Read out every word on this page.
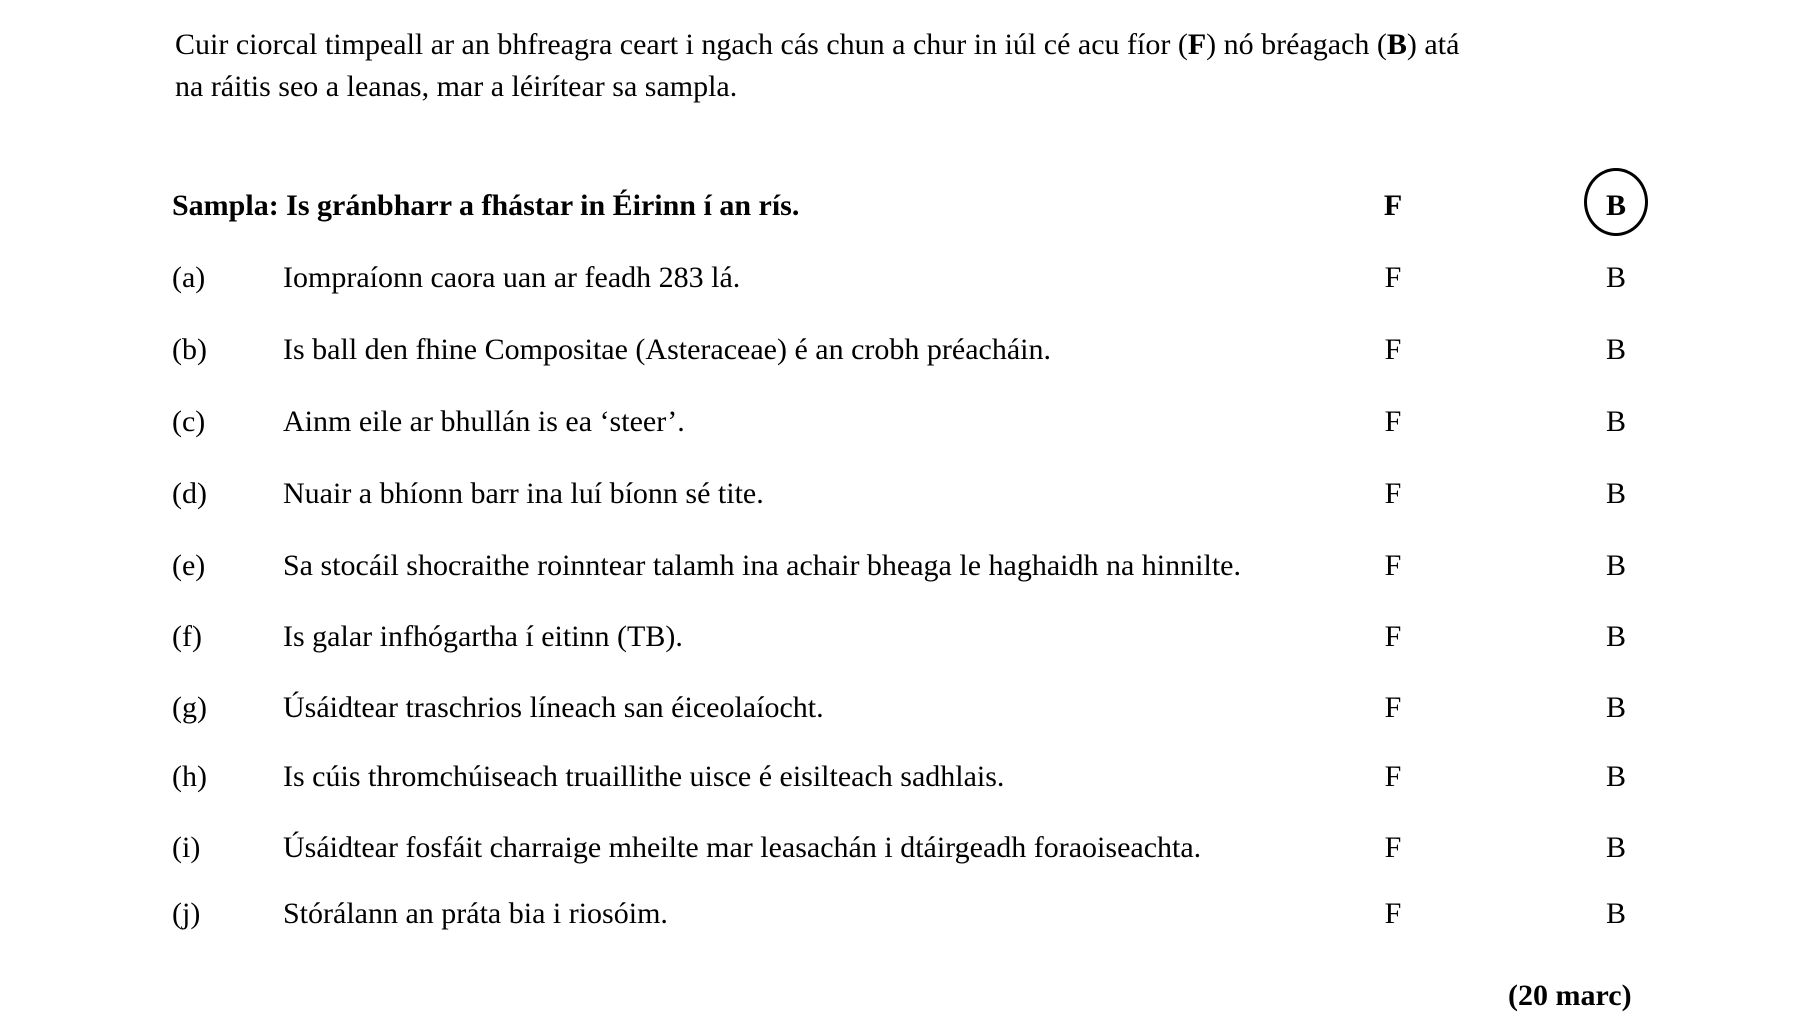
Cuir ciorcal timpeall ar an bhfreagra ceart i ngach cás chun a chur in iúl cé acu fíor (F) nó bréagach (B) atá
na ráitis seo a leanas, mar a léirítear sa sampla.
Sampla: Is gránbharr a fhástar in Éirinn í an rís.	F	B
(a)	Iompraíonn caora uan ar feadh 283 lá.	F	B
(b)	Is ball den fhine Compositae (Asteraceae) é an crobh préacháin.	F	B
(c)	Ainm eile ar bhullán is ea ‘steer’.	F	B
(d)	Nuair a bhíonn barr ina luí bíonn sé tite.	F	B
(e)	Sa stocáil shocraithe roinntear talamh ina achair bheaga le haghaidh na hinnilte.	F	B
(f)	Is galar infhógartha í eitinn (TB).	F	B
(g)	Úsáidtear traschrios líneach san éiceolaíocht.	F	B
(h)	Is cúis thromchúiseach truaillithe uisce é eisilteach sadhlais.	F	B
(i)	Úsáidtear fosfáit charraige mheilte mar leasachán i dtáirgeadh foraoiseachta.	F	B
(j)	Stórálann an práta bia i riosóim.	F	B
(20 marc)
